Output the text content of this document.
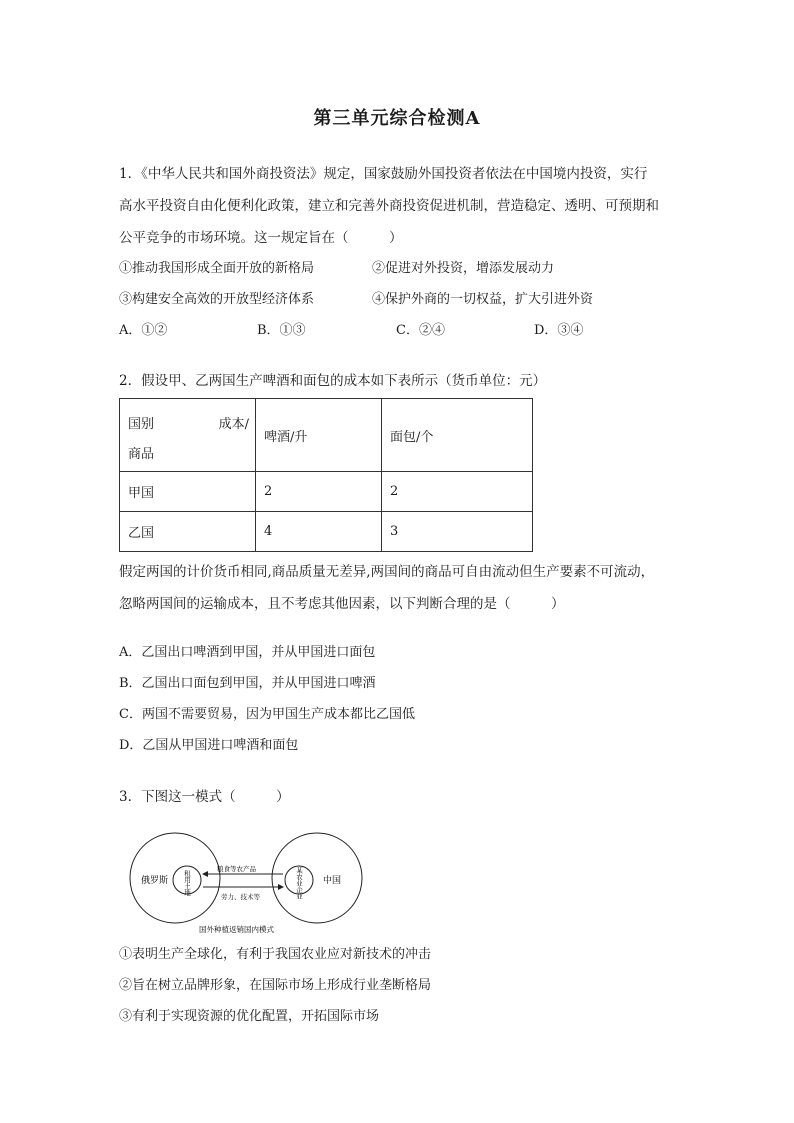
第三单元综合检测A
1．《中华人民共和国外商投资法》规定，国家鼓励外国投资者依法在中国境内投资，实行
高水平投资自由化便利化政策，建立和完善外商投资促进机制，营造稳定、透明、可预期和
公平竞争的市场环境。这一规定旨在（　　　）
①推动我国形成全面开放的新格局	②促进对外投资，增添发展动力
③构建安全高效的开放型经济体系	④保护外商的一切权益，扩大引进外资
A．①②	B．①③	C．②④	D．③④
2．假设甲、乙两国生产啤酒和面包的成本如下表所示（货币单位：元）
国别 成本/
商品	啤酒/升	面包/个
甲国	2	2
乙国	4	3
假定两国的计价货币相同,商品质量无差异,两国间的商品可自由流动但生产要素不可流动，
忽略两国间的运输成本，且不考虑其他因素，以下判断合理的是（　　　）
A．乙国出口啤酒到甲国，并从甲国进口面包
B．乙国出口面包到甲国，并从甲国进口啤酒
C．两国不需要贸易，因为甲国生产成本都比乙国低
D．乙国从甲国进口啤酒和面包
3．下图这一模式（　　　）
俄罗斯	中国
租用土地	某农业企业
粮食等农产品
劳力、技术等
国外种植返销国内模式
①表明生产全球化，有利于我国农业应对新技术的冲击
②旨在树立品牌形象，在国际市场上形成行业垄断格局
③有利于实现资源的优化配置，开拓国际市场
